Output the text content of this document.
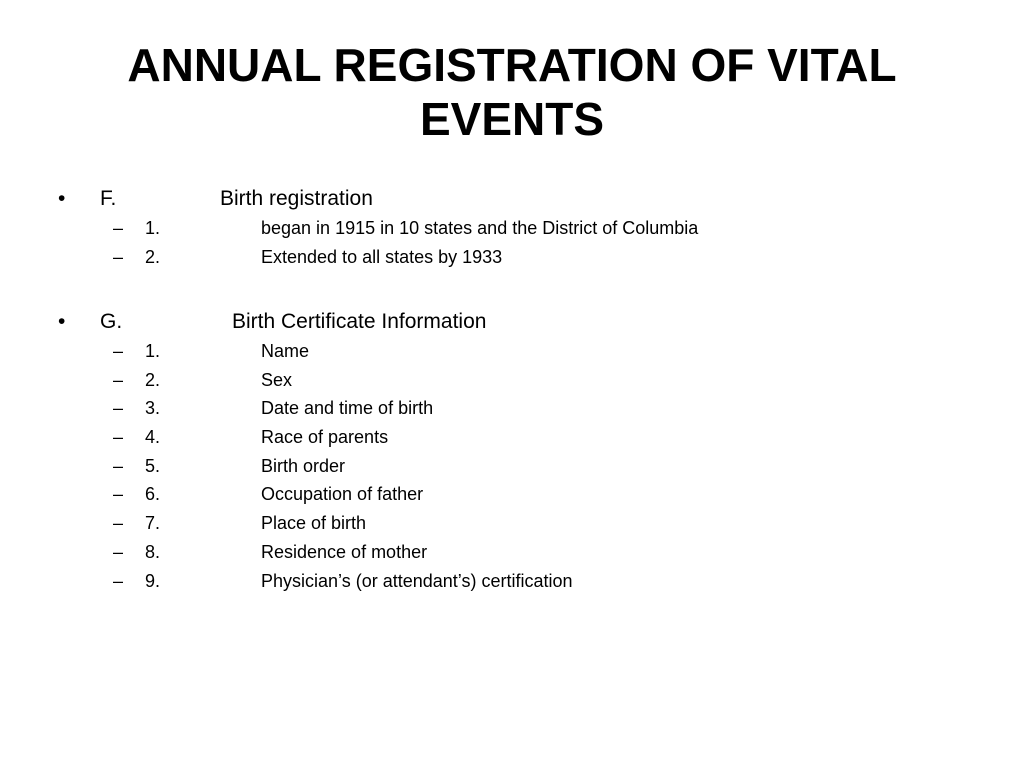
ANNUAL REGISTRATION OF VITAL EVENTS
• F.	Birth registration
– 1.	began in 1915 in 10 states and the District of Columbia
– 2.	Extended to all states by 1933
• G.	Birth Certificate Information
– 1.	Name
– 2.	Sex
– 3.	Date and time of birth
– 4.	Race of parents
– 5.	Birth order
– 6.	Occupation of father
– 7.	Place of birth
– 8.	Residence of mother
– 9.	Physician’s (or attendant’s) certification
